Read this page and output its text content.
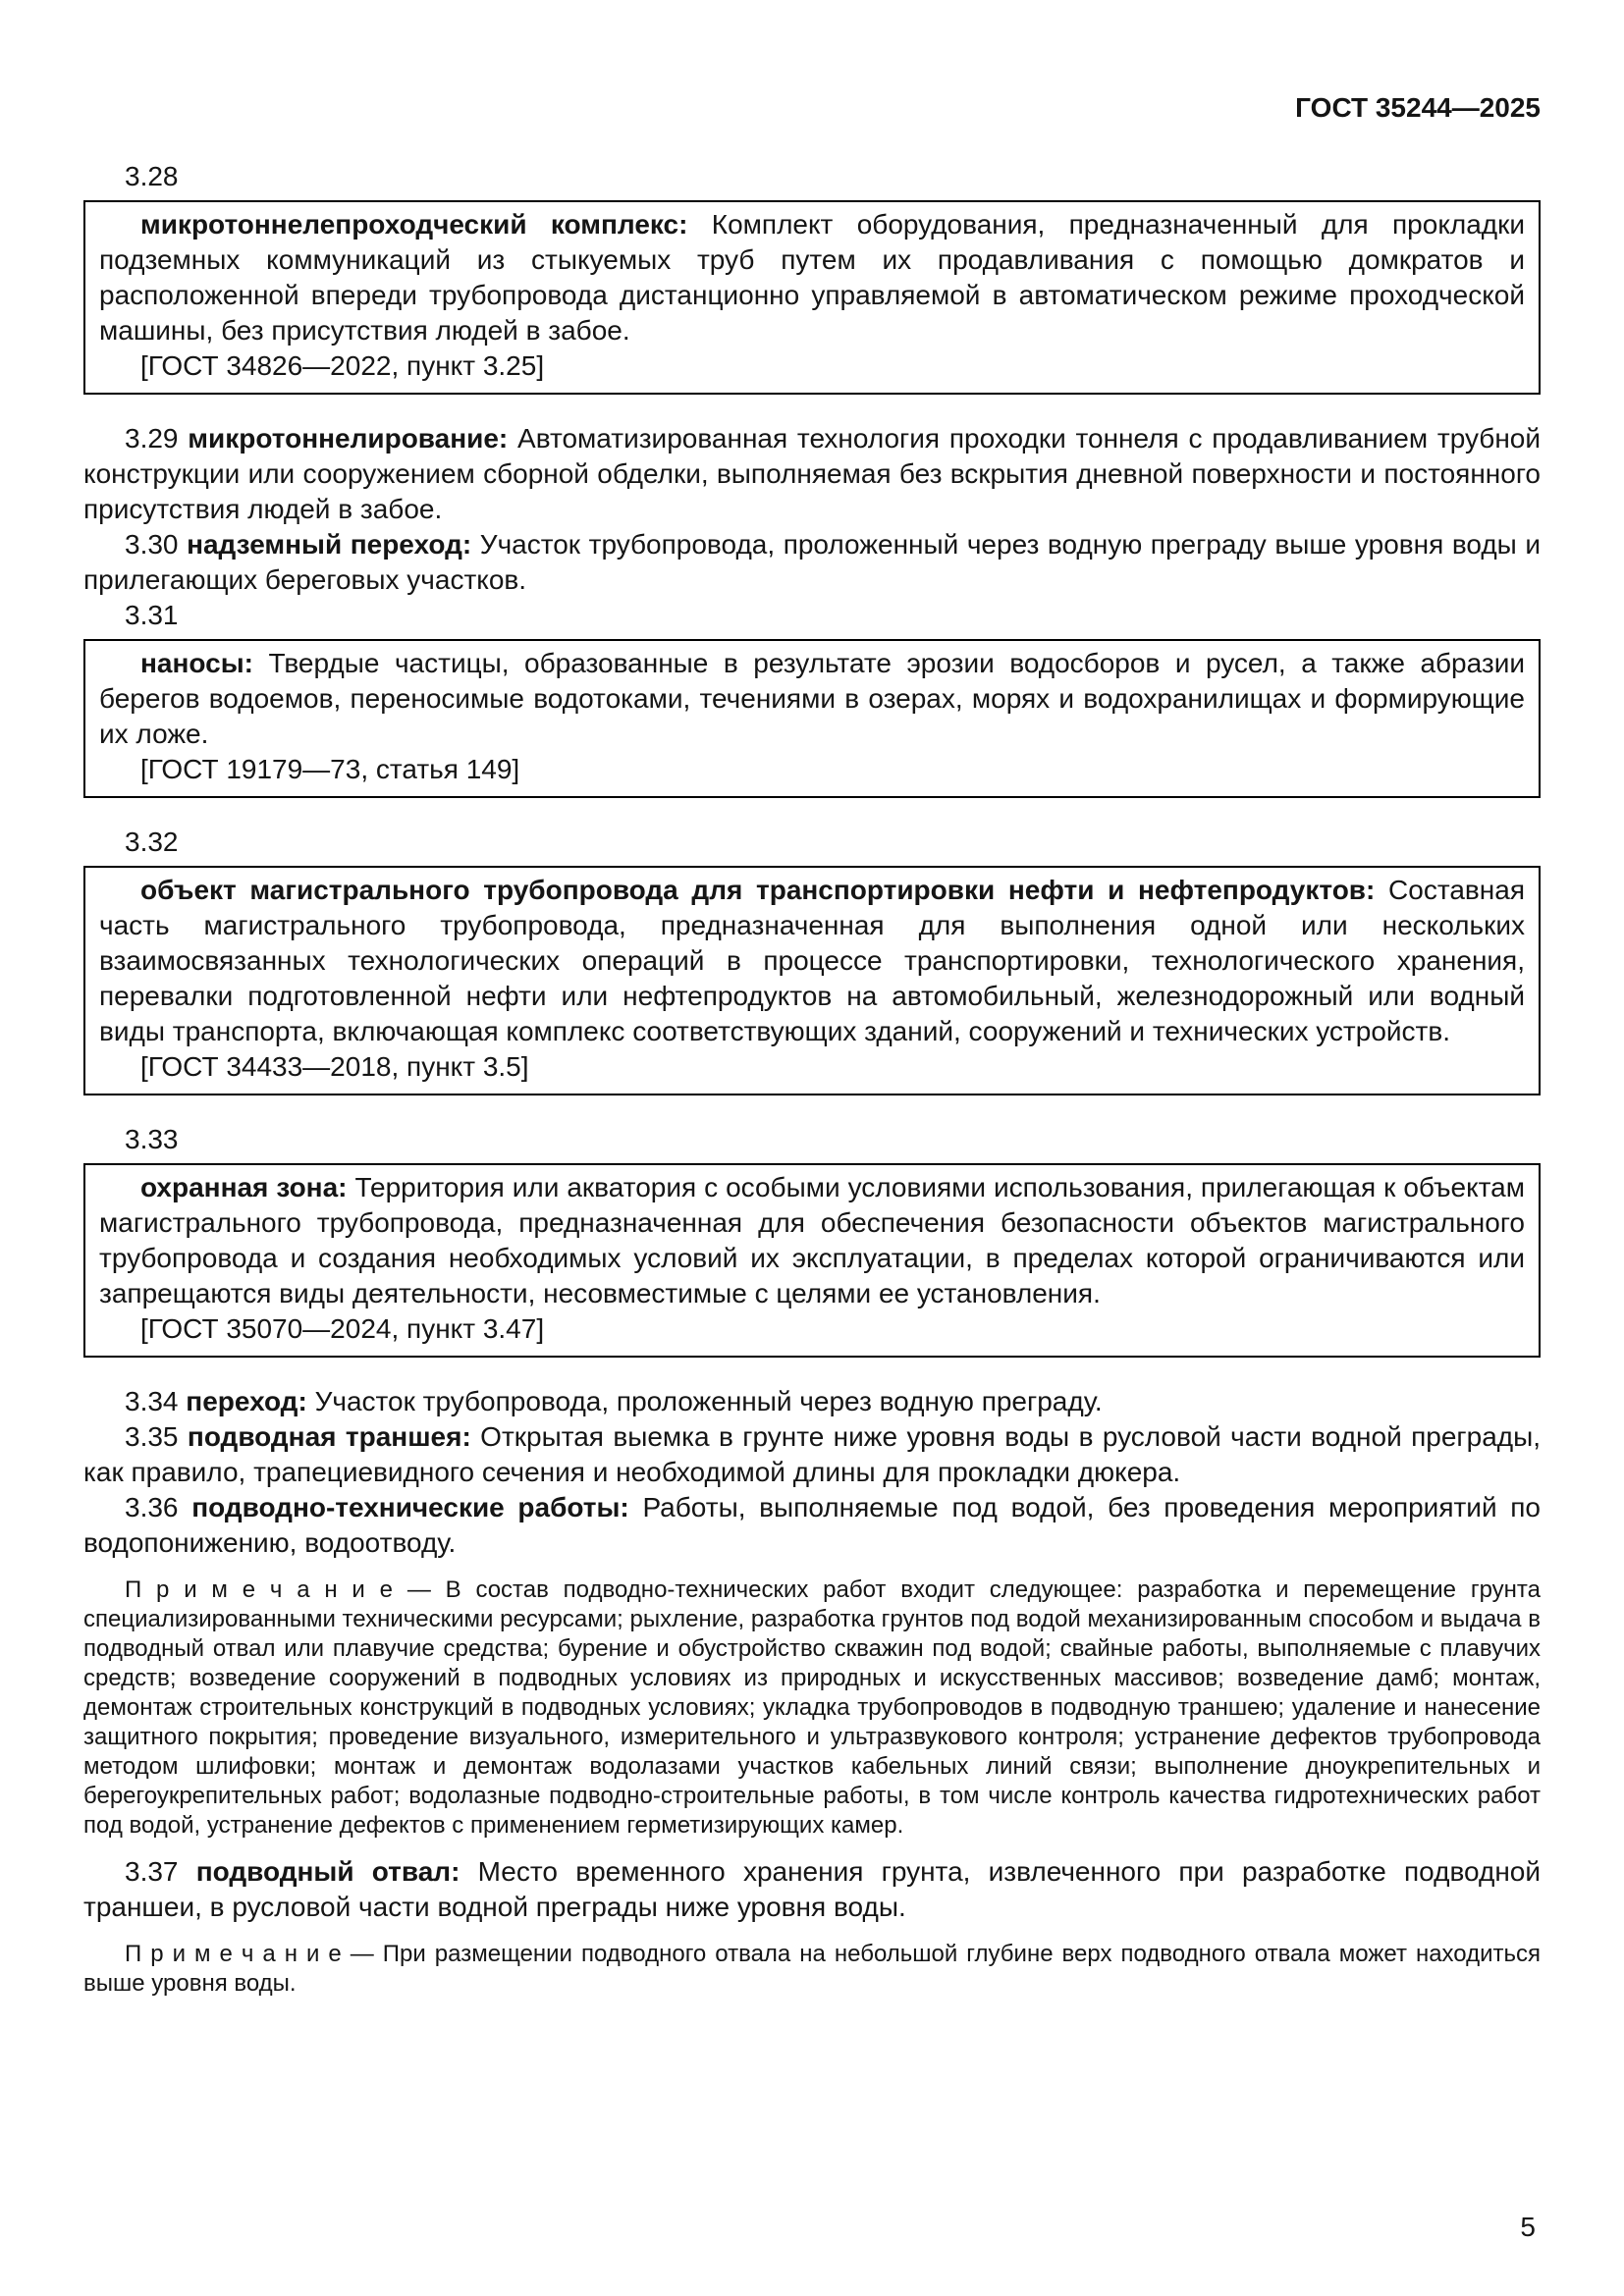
ГОСТ 35244—2025

3.28

микротоннелепроходческий комплекс: Комплект оборудования, предназначенный для прокладки подземных коммуникаций из стыкуемых труб путем их продавливания с помощью домкратов и расположенной впереди трубопровода дистанционно управляемой в автоматическом режиме проходческой машины, без присутствия людей в забое.

[ГОСТ 34826—2022, пункт 3.25]

3.29 микротоннелирование: Автоматизированная технология проходки тоннеля с продавливанием трубной конструкции или сооружением сборной обделки, выполняемая без вскрытия дневной поверхности и постоянного присутствия людей в забое.

3.30 надземный переход: Участок трубопровода, проложенный через водную преграду выше уровня воды и прилегающих береговых участков.

3.31

наносы: Твердые частицы, образованные в результате эрозии водосборов и русел, а также абразии берегов водоемов, переносимые водотоками, течениями в озерах, морях и водохранилищах и формирующие их ложе.

[ГОСТ 19179—73, статья 149]

3.32

объект магистрального трубопровода для транспортировки нефти и нефтепродуктов: Составная часть магистрального трубопровода, предназначенная для выполнения одной или нескольких взаимосвязанных технологических операций в процессе транспортировки, технологического хранения, перевалки подготовленной нефти или нефтепродуктов на автомобильный, железнодорожный или водный виды транспорта, включающая комплекс соответствующих зданий, сооружений и технических устройств.

[ГОСТ 34433—2018, пункт 3.5]

3.33

охранная зона: Территория или акватория с особыми условиями использования, прилегающая к объектам магистрального трубопровода, предназначенная для обеспечения безопасности объектов магистрального трубопровода и создания необходимых условий их эксплуатации, в пределах которой ограничиваются или запрещаются виды деятельности, несовместимые с целями ее установления.

[ГОСТ 35070—2024, пункт 3.47]

3.34 переход: Участок трубопровода, проложенный через водную преграду.

3.35 подводная траншея: Открытая выемка в грунте ниже уровня воды в русловой части водной преграды, как правило, трапециевидного сечения и необходимой длины для прокладки дюкера.

3.36 подводно-технические работы: Работы, выполняемые под водой, без проведения мероприятий по водопонижению, водоотводу.

П р и м е ч а н и е — В состав подводно-технических работ входит следующее: разработка и перемещение грунта специализированными техническими ресурсами; рыхление, разработка грунтов под водой механизированным способом и выдача в подводный отвал или плавучие средства; бурение и обустройство скважин под водой; свайные работы, выполняемые с плавучих средств; возведение сооружений в подводных условиях из природных и искусственных массивов; возведение дамб; монтаж, демонтаж строительных конструкций в подводных условиях; укладка трубопроводов в подводную траншею; удаление и нанесение защитного покрытия; проведение визуального, измерительного и ультразвукового контроля; устранение дефектов трубопровода методом шлифовки; монтаж и демонтаж водолазами участков кабельных линий связи; выполнение дноукрепительных и берегоукрепительных работ; водолазные подводно-строительные работы, в том числе контроль качества гидротехнических работ под водой, устранение дефектов с применением герметизирующих камер.

3.37 подводный отвал: Место временного хранения грунта, извлеченного при разработке подводной траншеи, в русловой части водной преграды ниже уровня воды.

П р и м е ч а н и е — При размещении подводного отвала на небольшой глубине верх подводного отвала может находиться выше уровня воды.

5
